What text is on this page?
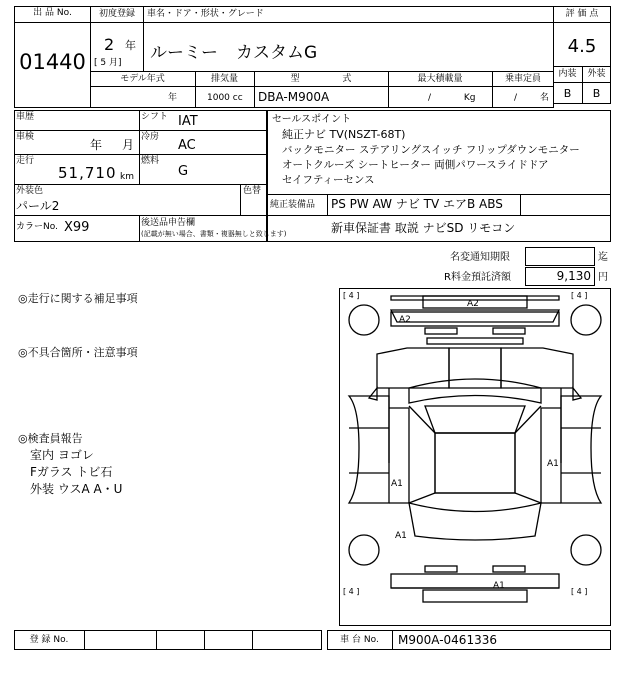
出 品 No.
01440
初度登録
2 年
[ 5 月]
車名・ドア・形状・グレード
ルーミー カスタムG
評 価 点
4.5
内装	外装
B	B
モデル年式	排気量	型 式	最大積載量	乗車定員
年	1000 cc DBA-M900A	/ Kg	/ 名
車歴	シフト IAT
車検
年 月
冷房
AC
走行
51,710 km
燃料
G
外装色
パール2
色替
カラーNo. X99	後送品申告欄
(記載が無い場合、書類・複器無しと致します)
セールスポイント
純正ナビ TV(NSZT-68T)
バックモニター ステアリングスイッチ フリップダウンモニター
オートクルーズ シートヒーター 両側パワースライドドア
セイフティーセンス
純正装備品 PS PW AW ナビ TV エアB ABS
新車保証書 取説 ナビSD リモコン
名変通知期限	迄
R料金預託済額	9,130 円
◎走行に関する補足事項
◎不具合箇所・注意事項
◎検査員報告
室内 ヨゴレ
Fガラス トビ石
外装 ウスA A・U
[ 4 ]	[ 4 ]
[ 4 ]	[ 4 ]
A2
A2
A1
A1
A1
A1
登 録 No.	車 台 No.	M900A-0461336
